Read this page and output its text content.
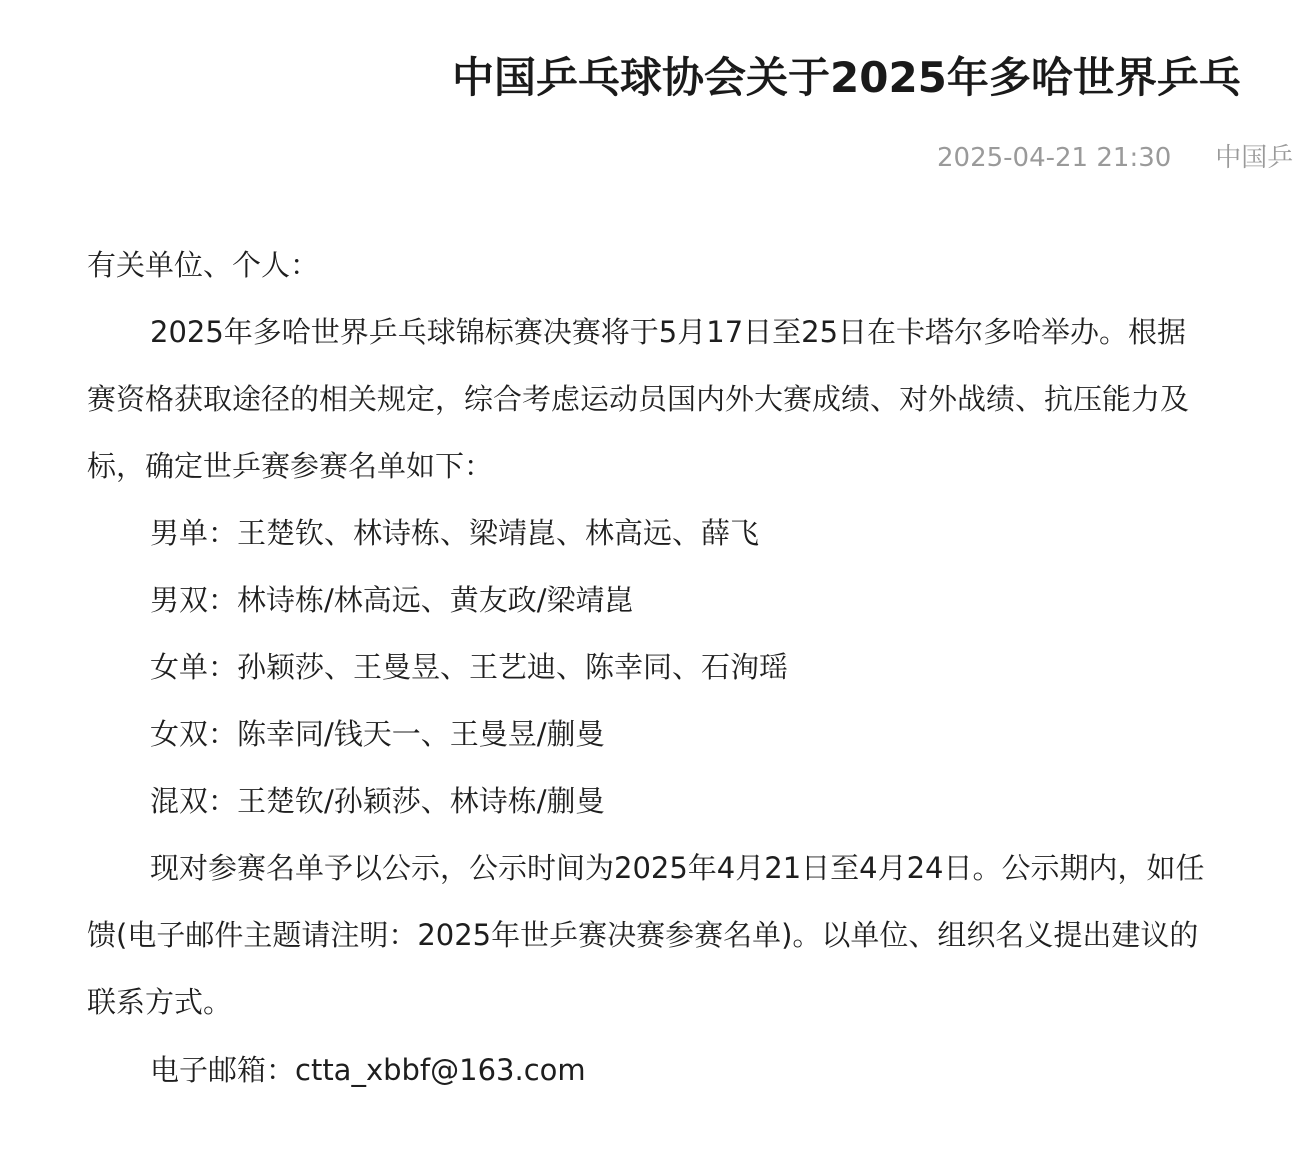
中国乒乓球协会关于2025年多哈世界乒乓
2025-04-21 21:30 中国乒
有关单位、个人：
2025年多哈世界乒乓球锦标赛决赛将于5月17日至25日在卡塔尔多哈举办。根据
赛资格获取途径的相关规定，综合考虑运动员国内外大赛成绩、对外战绩、抗压能力及
标，确定世乒赛参赛名单如下：
男单：王楚钦、林诗栋、梁靖崑、林高远、薛飞
男双：林诗栋/林高远、黄友政/梁靖崑
女单：孙颖莎、王曼昱、王艺迪、陈幸同、石洵瑶
女双：陈幸同/钱天一、王曼昱/蒯曼
混双：王楚钦/孙颖莎、林诗栋/蒯曼
现对参赛名单予以公示，公示时间为2025年4月21日至4月24日。公示期内，如任
馈(电子邮件主题请注明：2025年世乒赛决赛参赛名单)。以单位、组织名义提出建议的
联系方式。
电子邮箱：ctta_xbbf@163.com
